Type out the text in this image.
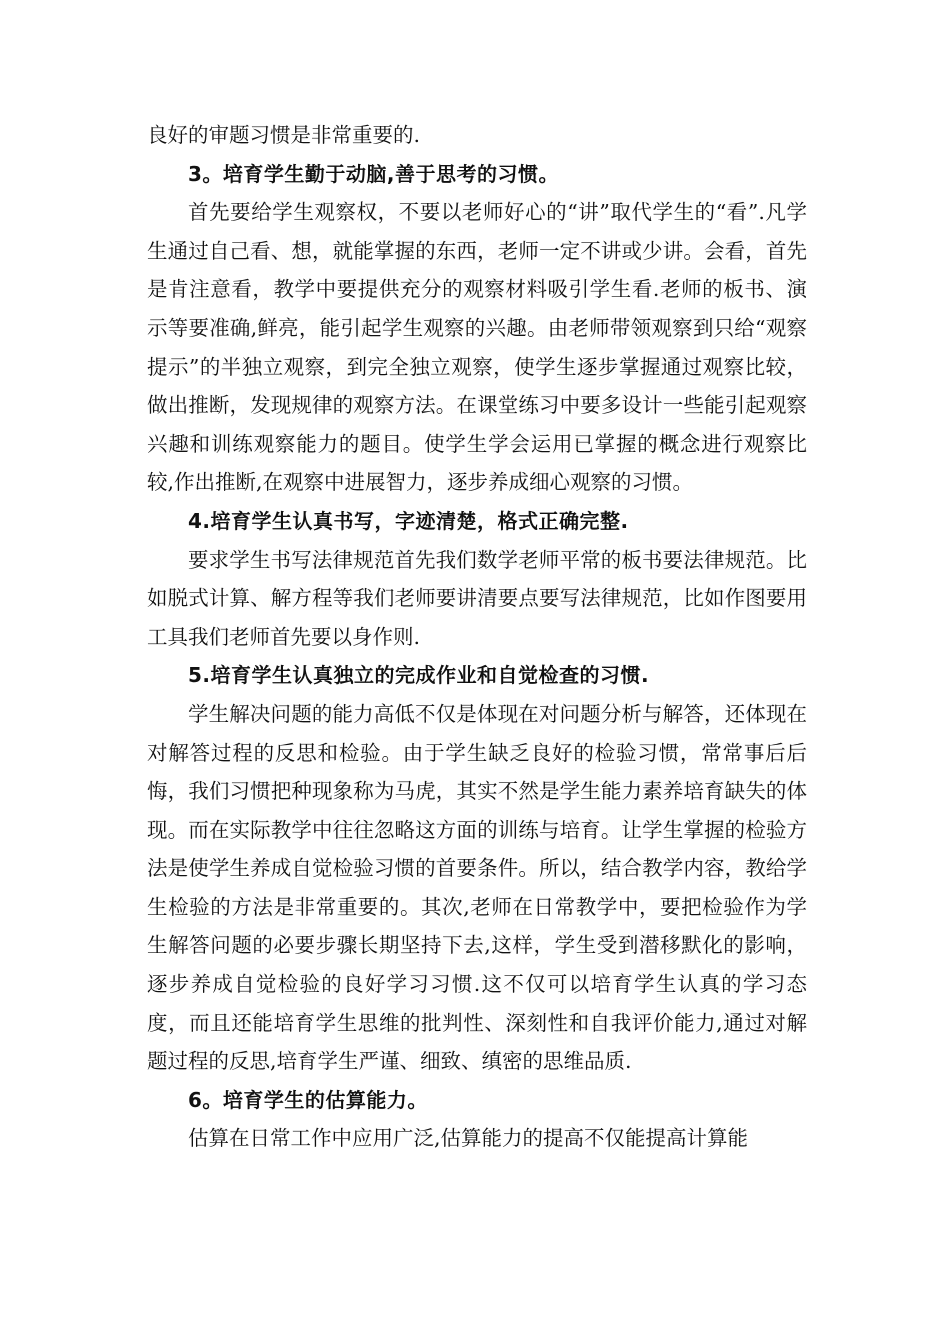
良好的审题习惯是非常重要的.

3。培育学生勤于动脑,善于思考的习惯。

首先要给学生观察权，不要以老师好心的“讲”取代学生的“看”.凡学生通过自己看、想，就能掌握的东西，老师一定不讲或少讲。会看，首先是肯注意看，教学中要提供充分的观察材料吸引学生看.老师的板书、演示等要准确,鲜亮，能引起学生观察的兴趣。由老师带领观察到只给“观察提示”的半独立观察，到完全独立观察，使学生逐步掌握通过观察比较，做出推断，发现规律的观察方法。在课堂练习中要多设计一些能引起观察兴趣和训练观察能力的题目。使学生学会运用已掌握的概念进行观察比较,作出推断,在观察中进展智力，逐步养成细心观察的习惯。

4.培育学生认真书写，字迹清楚，格式正确完整.

要求学生书写法律规范首先我们数学老师平常的板书要法律规范。比如脱式计算、解方程等我们老师要讲清要点要写法律规范，比如作图要用工具我们老师首先要以身作则.

5.培育学生认真独立的完成作业和自觉检查的习惯.

学生解决问题的能力高低不仅是体现在对问题分析与解答，还体现在对解答过程的反思和检验。由于学生缺乏良好的检验习惯，常常事后后悔，我们习惯把种现象称为马虎，其实不然是学生能力素养培育缺失的体现。而在实际教学中往往忽略这方面的训练与培育。让学生掌握的检验方法是使学生养成自觉检验习惯的首要条件。所以，结合教学内容，教给学生检验的方法是非常重要的。其次,老师在日常教学中，要把检验作为学生解答问题的必要步骤长期坚持下去,这样，学生受到潜移默化的影响，逐步养成自觉检验的良好学习习惯.这不仅可以培育学生认真的学习态度，而且还能培育学生思维的批判性、深刻性和自我评价能力,通过对解题过程的反思,培育学生严谨、细致、缜密的思维品质.

6。培育学生的估算能力。

估算在日常工作中应用广泛,估算能力的提高不仅能提高计算能
